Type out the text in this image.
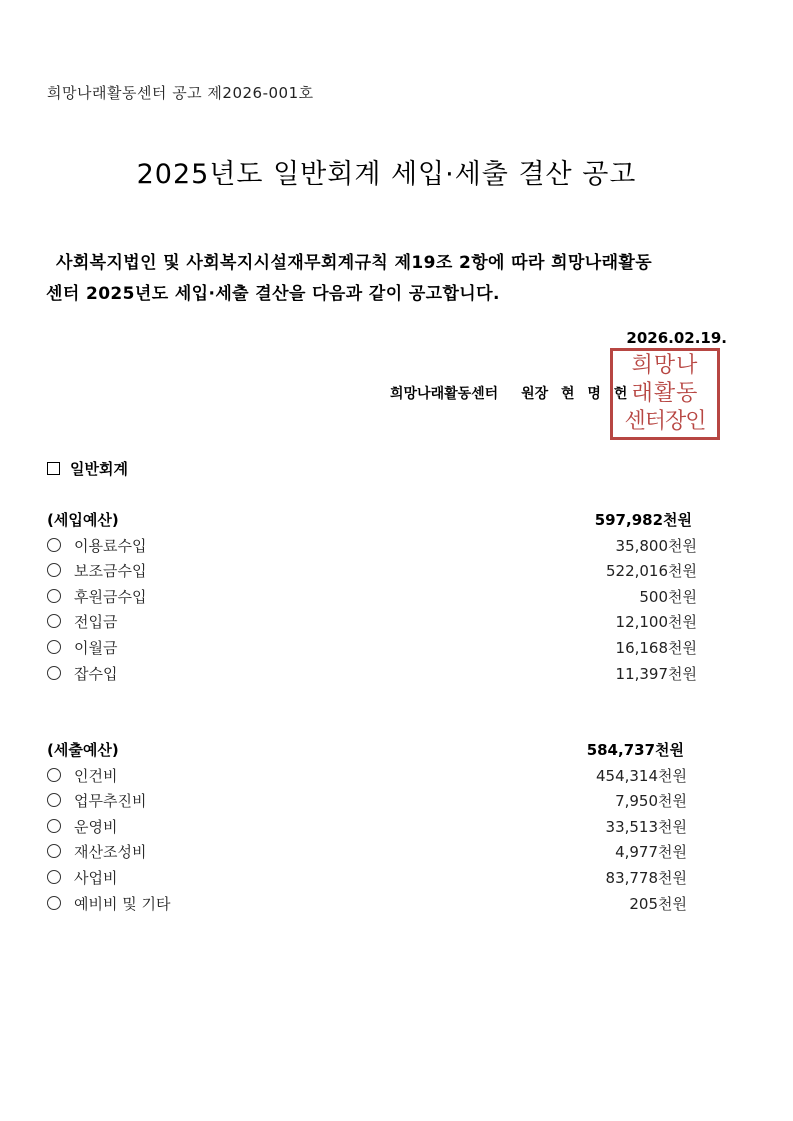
희망나래활동센터 공고 제2026-001호
2025년도 일반회계 세입·세출 결산 공고
사회복지법인 및 사회복지시설재무회계규칙 제19조 2항에 따라 희망나래활동
센터 2025년도 세입·세출 결산을 다음과 같이 공고합니다.
2026.02.19.
희망나
래활동
센터장인
희망나래활동센터 원장 현 명 헌
일반회계
(세입예산)	597,982천원
이용료수입	35,800천원
보조금수입	522,016천원
후원금수입	500천원
전입금	12,100천원
이월금	16,168천원
잡수입	11,397천원
(세출예산)	584,737천원
인건비	454,314천원
업무추진비	7,950천원
운영비	33,513천원
재산조성비	4,977천원
사업비	83,778천원
예비비 및 기타	205천원
